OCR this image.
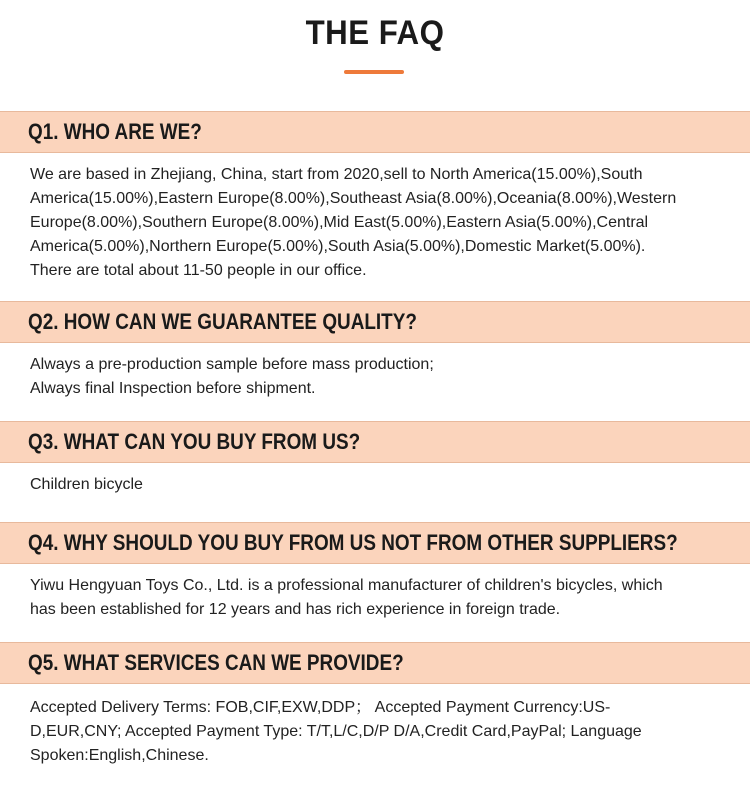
THE FAQ
Q1. WHO ARE WE?
We are based in Zhejiang, China, start from 2020,sell to North America(15.00%),South
America(15.00%),Eastern Europe(8.00%),Southeast Asia(8.00%),Oceania(8.00%),Western
Europe(8.00%),Southern Europe(8.00%),Mid East(5.00%),Eastern Asia(5.00%),Central
America(5.00%),Northern Europe(5.00%),South Asia(5.00%),Domestic Market(5.00%).
There are total about 11-50 people in our office.
Q2. HOW CAN WE GUARANTEE QUALITY?
Always a pre-production sample before mass production;
Always final Inspection before shipment.
Q3. WHAT CAN YOU BUY FROM US?
Children bicycle
Q4. WHY SHOULD YOU BUY FROM US NOT FROM OTHER SUPPLIERS?
Yiwu Hengyuan Toys Co., Ltd. is a professional manufacturer of children's bicycles, which
has been established for 12 years and has rich experience in foreign trade.
Q5. WHAT SERVICES CAN WE PROVIDE?
Accepted Delivery Terms: FOB,CIF,EXW,DDP； Accepted Payment Currency:US-
D,EUR,CNY; Accepted Payment Type: T/T,L/C,D/P D/A,Credit Card,PayPal; Language
Spoken:English,Chinese.
